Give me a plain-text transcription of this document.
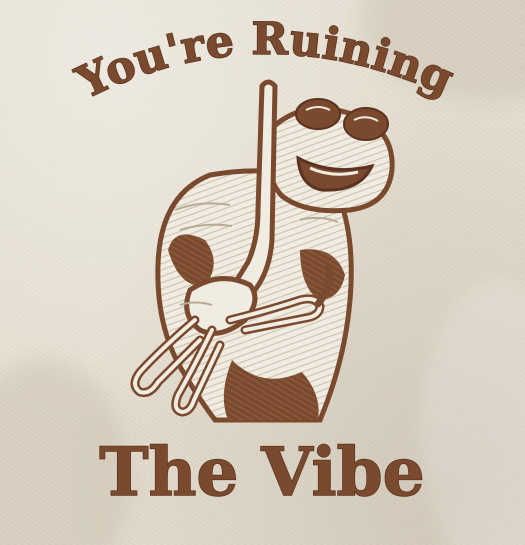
You're Ruining
The Vibe
